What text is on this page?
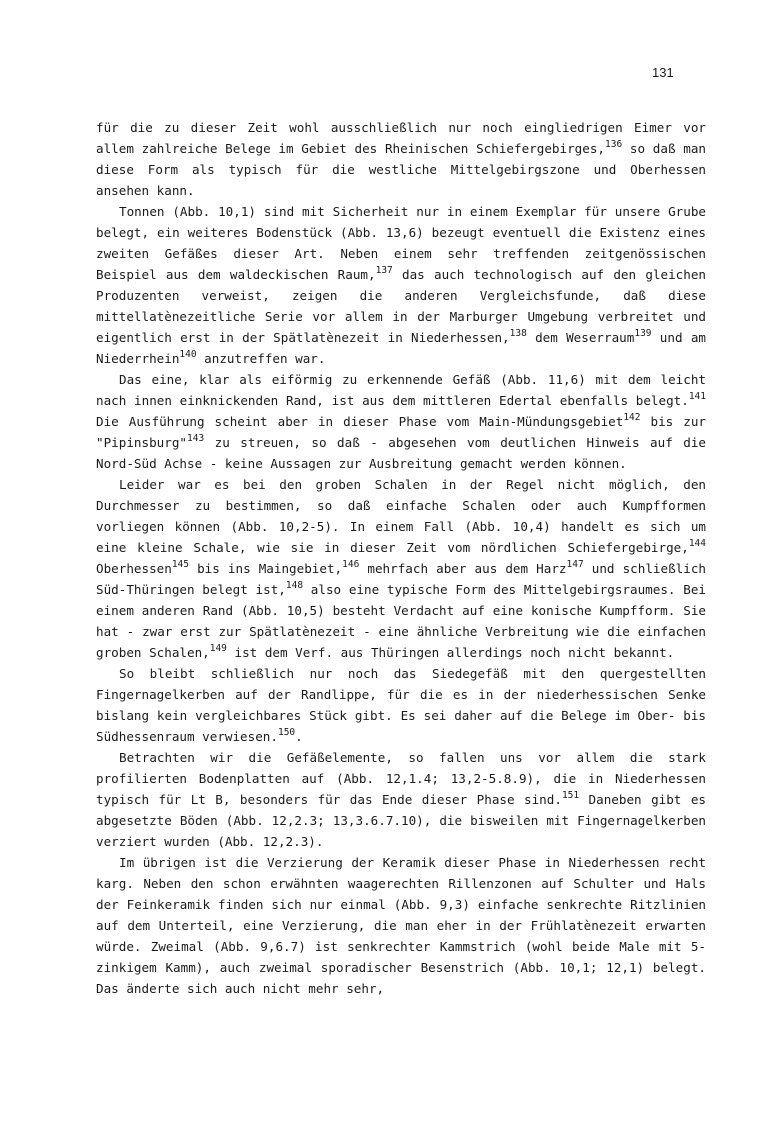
131

für die zu dieser Zeit wohl ausschließlich nur noch eingliedrigen Eimer vor allem zahlreiche Belege im Gebiet des Rheinischen Schiefergebirges,$^{136}$ so daß man diese Form als typisch für die westliche Mittelgebirgszone und Oberhessen ansehen kann.

Tonnen (Abb. 10,1) sind mit Sicherheit nur in einem Exemplar für unsere Grube belegt, ein weiteres Bodenstück (Abb. 13,6) bezeugt eventuell die Existenz eines zweiten Gefäßes dieser Art. Neben einem sehr treffenden zeitgenössischen Beispiel aus dem waldeckischen Raum,$^{137}$ das auch technologisch auf den gleichen Produzenten verweist, zeigen die anderen Vergleichsfunde, daß diese mittellatènezeitliche Serie vor allem in der Marburger Umgebung verbreitet und eigentlich erst in der Spätlatènezeit in Niederhessen,$^{138}$ dem Weserraum$^{139}$ und am Niederrhein$^{140}$ anzutreffen war.

Das eine, klar als eiförmig zu erkennende Gefäß (Abb. 11,6) mit dem leicht nach innen einknickenden Rand, ist aus dem mittleren Edertal ebenfalls belegt.$^{141}$ Die Ausführung scheint aber in dieser Phase vom Main-Mündungsgebiet$^{142}$ bis zur "Pipinsburg"$^{143}$ zu streuen, so daß - abgesehen vom deutlichen Hinweis auf die Nord-Süd Achse - keine Aussagen zur Ausbreitung gemacht werden können.

Leider war es bei den groben Schalen in der Regel nicht möglich, den Durchmesser zu bestimmen, so daß einfache Schalen oder auch Kumpfformen vorliegen können (Abb. 10,2-5). In einem Fall (Abb. 10,4) handelt es sich um eine kleine Schale, wie sie in dieser Zeit vom nördlichen Schiefergebirge,$^{144}$ Oberhessen$^{145}$ bis ins Maingebiet,$^{146}$ mehrfach aber aus dem Harz$^{147}$ und schließlich Süd-Thüringen belegt ist,$^{148}$ also eine typische Form des Mittelgebirgsraumes. Bei einem anderen Rand (Abb. 10,5) besteht Verdacht auf eine konische Kumpfform. Sie hat - zwar erst zur Spätlatènezeit - eine ähnliche Verbreitung wie die einfachen groben Schalen,$^{149}$ ist dem Verf. aus Thüringen allerdings noch nicht bekannt.

So bleibt schließlich nur noch das Siedegefäß mit den quergestellten Fingernagelkerben auf der Randlippe, für die es in der niederhessischen Senke bislang kein vergleichbares Stück gibt. Es sei daher auf die Belege im Ober- bis Südhessenraum verwiesen.$^{150}$.

Betrachten wir die Gefäßelemente, so fallen uns vor allem die stark profilierten Bodenplatten auf (Abb. 12,1.4; 13,2-5.8.9), die in Niederhessen typisch für Lt B, besonders für das Ende dieser Phase sind.$^{151}$ Daneben gibt es abgesetzte Böden (Abb. 12,2.3; 13,3.6.7.10), die bisweilen mit Fingernagelkerben verziert wurden (Abb. 12,2.3).

Im übrigen ist die Verzierung der Keramik dieser Phase in Niederhessen recht karg. Neben den schon erwähnten waagerechten Rillenzonen auf Schulter und Hals der Feinkeramik finden sich nur einmal (Abb. 9,3) einfache senkrechte Ritzlinien auf dem Unterteil, eine Verzierung, die man eher in der Frühlatènezeit erwarten würde. Zweimal (Abb. 9,6.7) ist senkrechter Kammstrich (wohl beide Male mit 5-zinkigem Kamm), auch zweimal sporadischer Besenstrich (Abb. 10,1; 12,1) belegt. Das änderte sich auch nicht mehr sehr,
